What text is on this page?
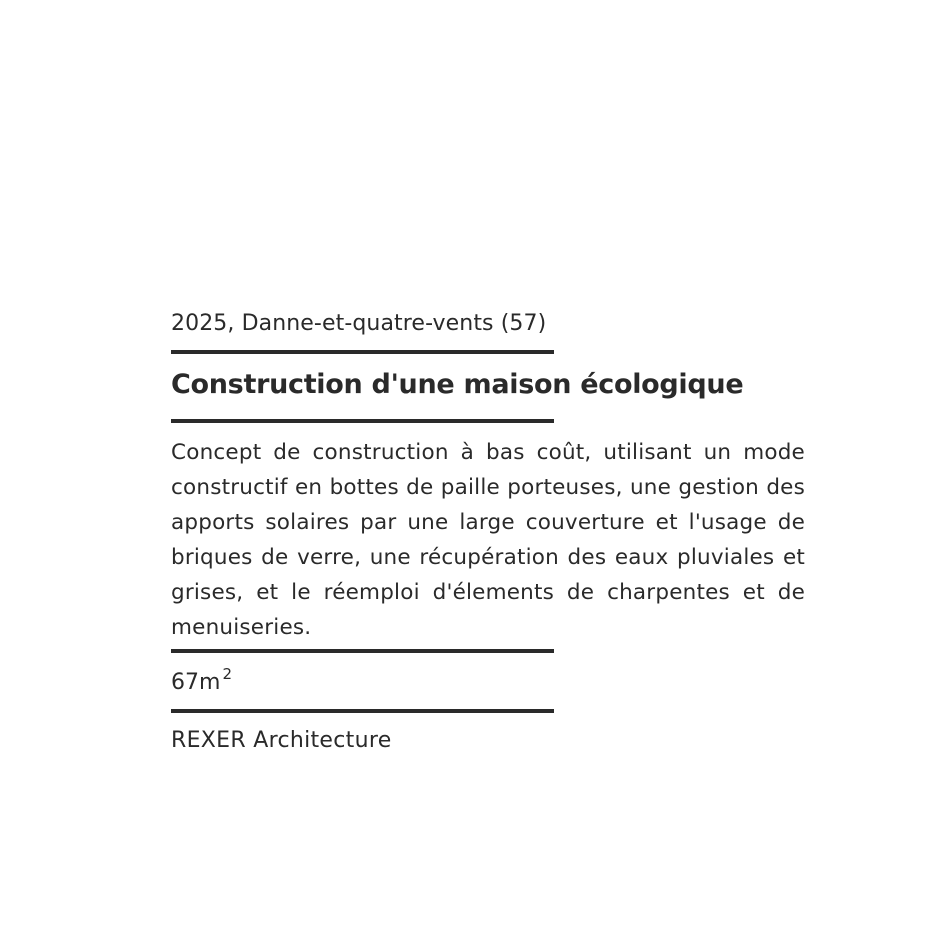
2025, Danne-et-quatre-vents (57)

Construction d'une maison écologique

Concept de construction à bas coût, utilisant un mode constructif en bottes de paille porteuses, une gestion des apports solaires par une large couverture et l'usage de briques de verre, une récupération des eaux pluviales et grises, et le réemploi d'élements de charpentes et de menuiseries.

67m $^2$

REXER Architecture
